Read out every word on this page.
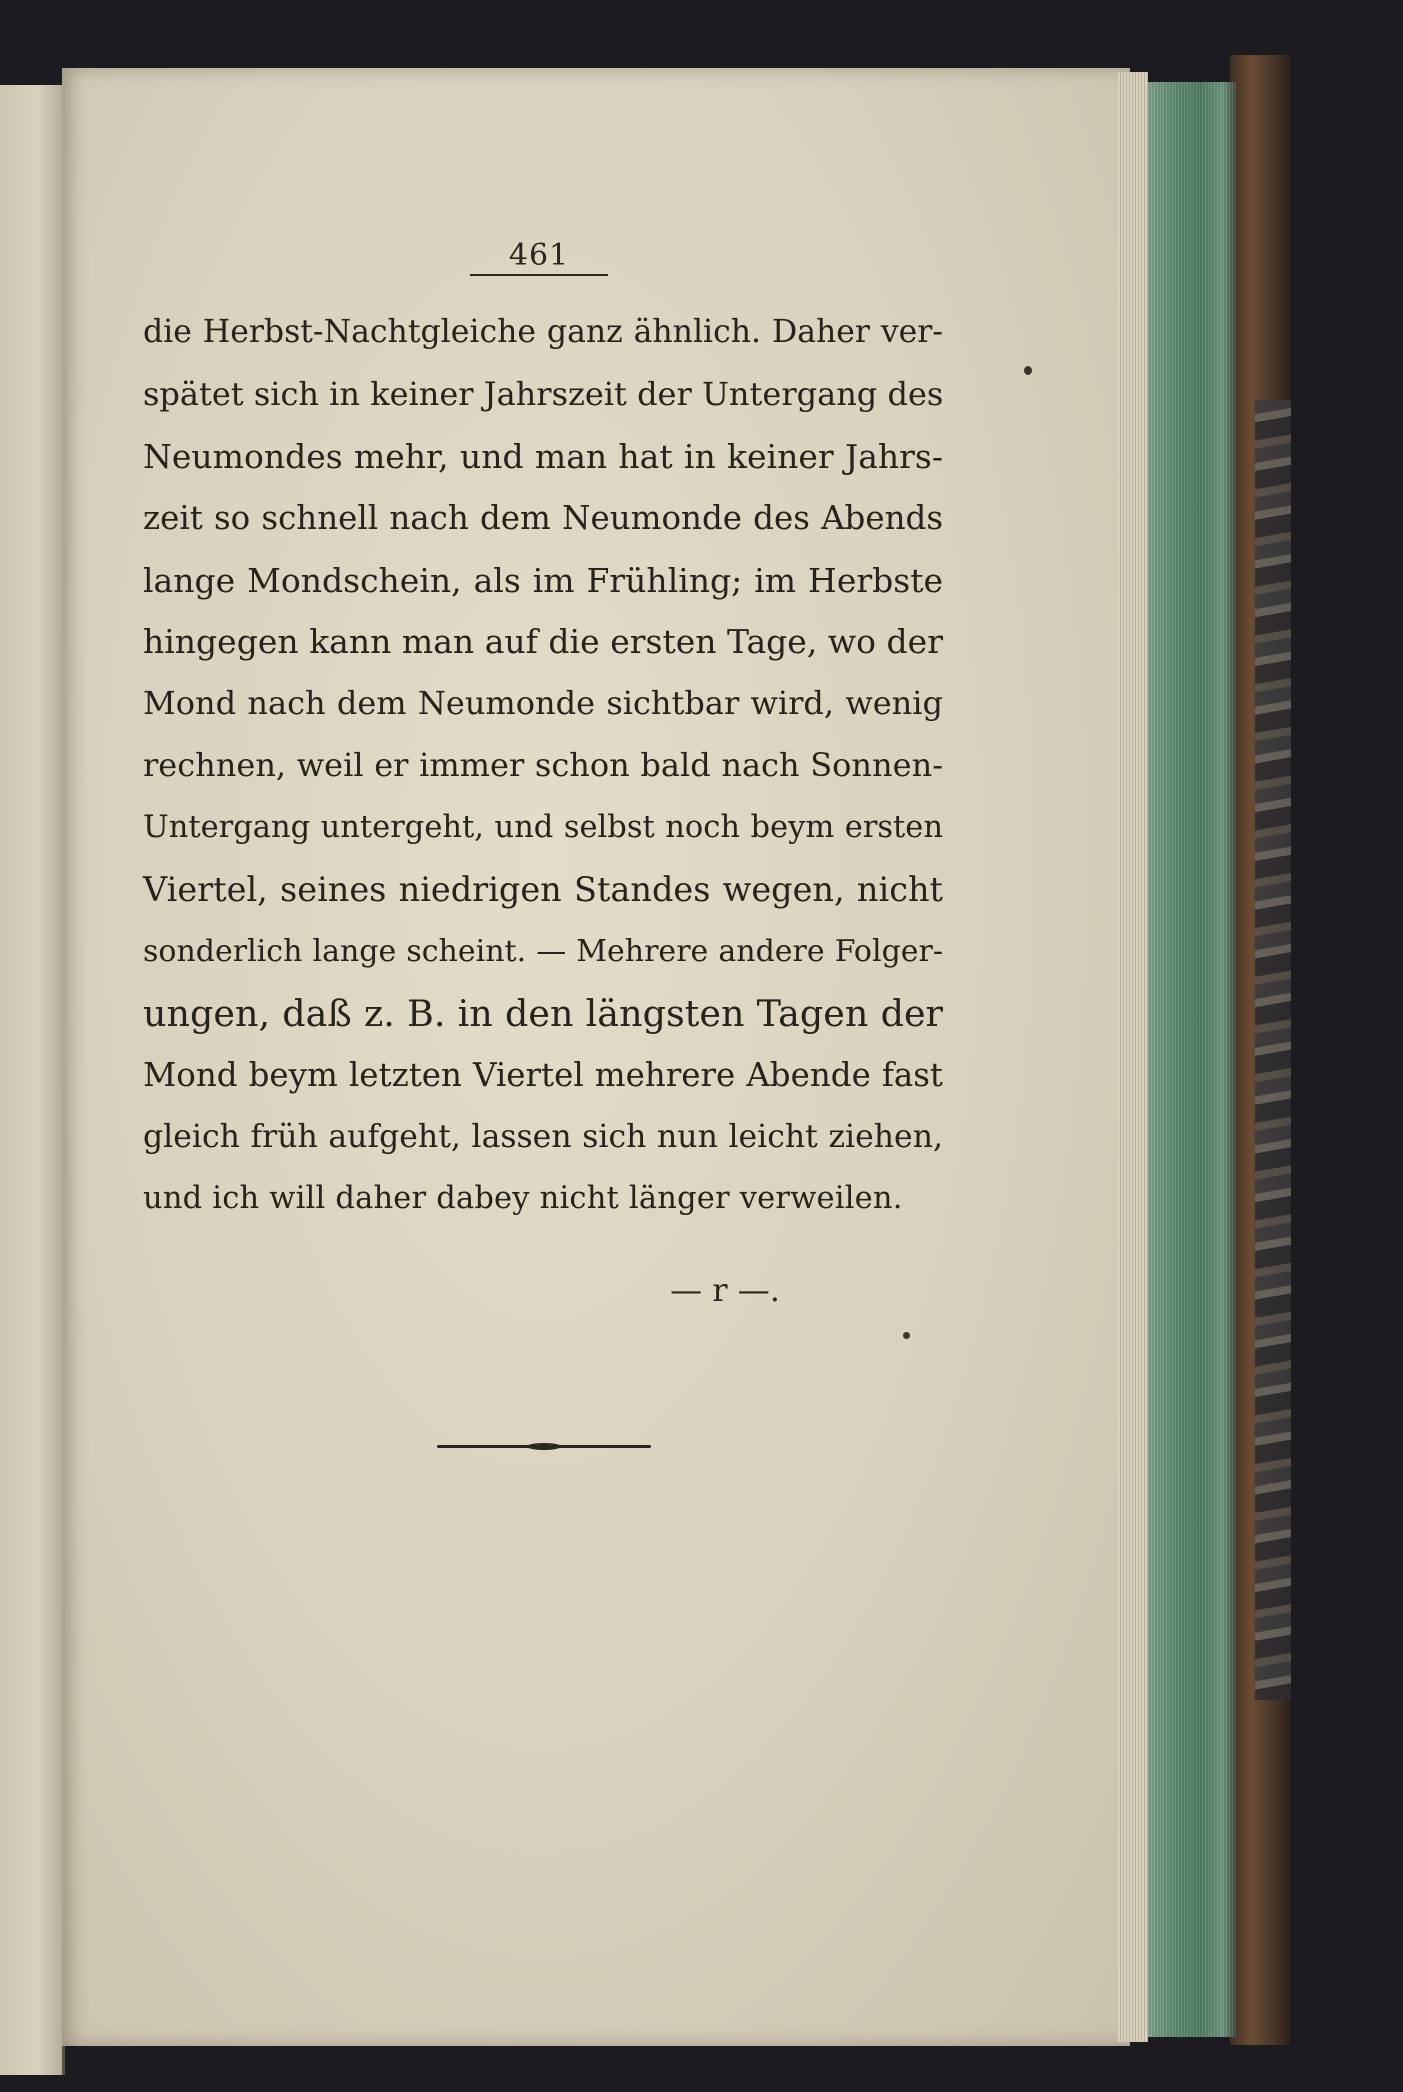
461
die Herbst-Nachtgleiche ganz ähnlich. Daher ver-
spätet sich in keiner Jahrszeit der Untergang des
Neumondes mehr, und man hat in keiner Jahrs-
zeit so schnell nach dem Neumonde des Abends
lange Mondschein, als im Frühling; im Herbste
hingegen kann man auf die ersten Tage, wo der
Mond nach dem Neumonde sichtbar wird, wenig
rechnen, weil er immer schon bald nach Sonnen-
Untergang untergeht, und selbst noch beym ersten
Viertel, seines niedrigen Standes wegen, nicht
sonderlich lange scheint. — Mehrere andere Folger-
ungen, daß z. B. in den längsten Tagen der
Mond beym letzten Viertel mehrere Abende fast
gleich früh aufgeht, lassen sich nun leicht ziehen,
und ich will daher dabey nicht länger verweilen.
— r —.
